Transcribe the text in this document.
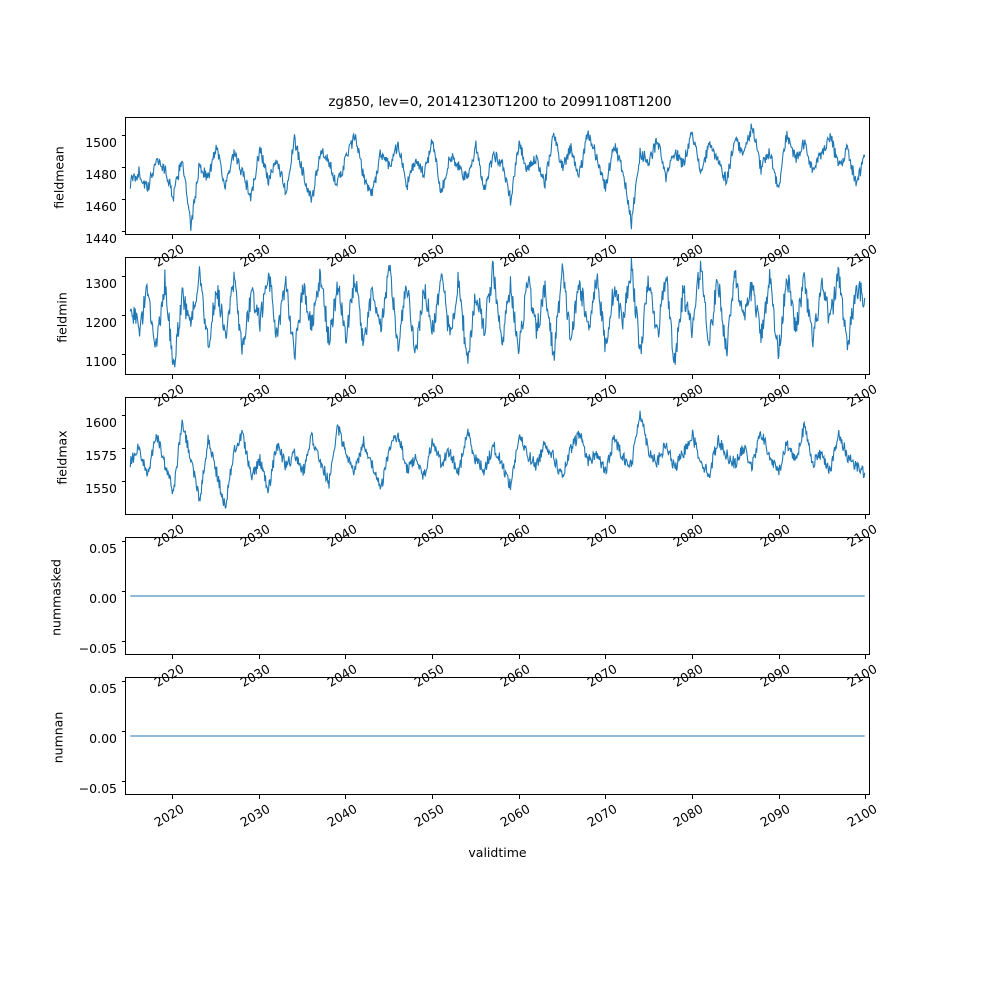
zg850, lev=0, 20141230T1200 to 20991108T1200
1500
1480
1460
1440
fieldmean
1300
1200
1100
fieldmin
1600
1575
1550
fieldmax
0.05
0.00
−0.05
nummasked
0.05
0.00
−0.05
numnan
2020	2030	2040	2050	2060	2070	2080	2090	2100
2020	2030	2040	2050	2060	2070	2080	2090	2100
2020	2030	2040	2050	2060	2070	2080	2090	2100
2020	2030	2040	2050	2060	2070	2080	2090	2100
2020	2030	2040	2050	2060	2070	2080	2090	2100
validtime
